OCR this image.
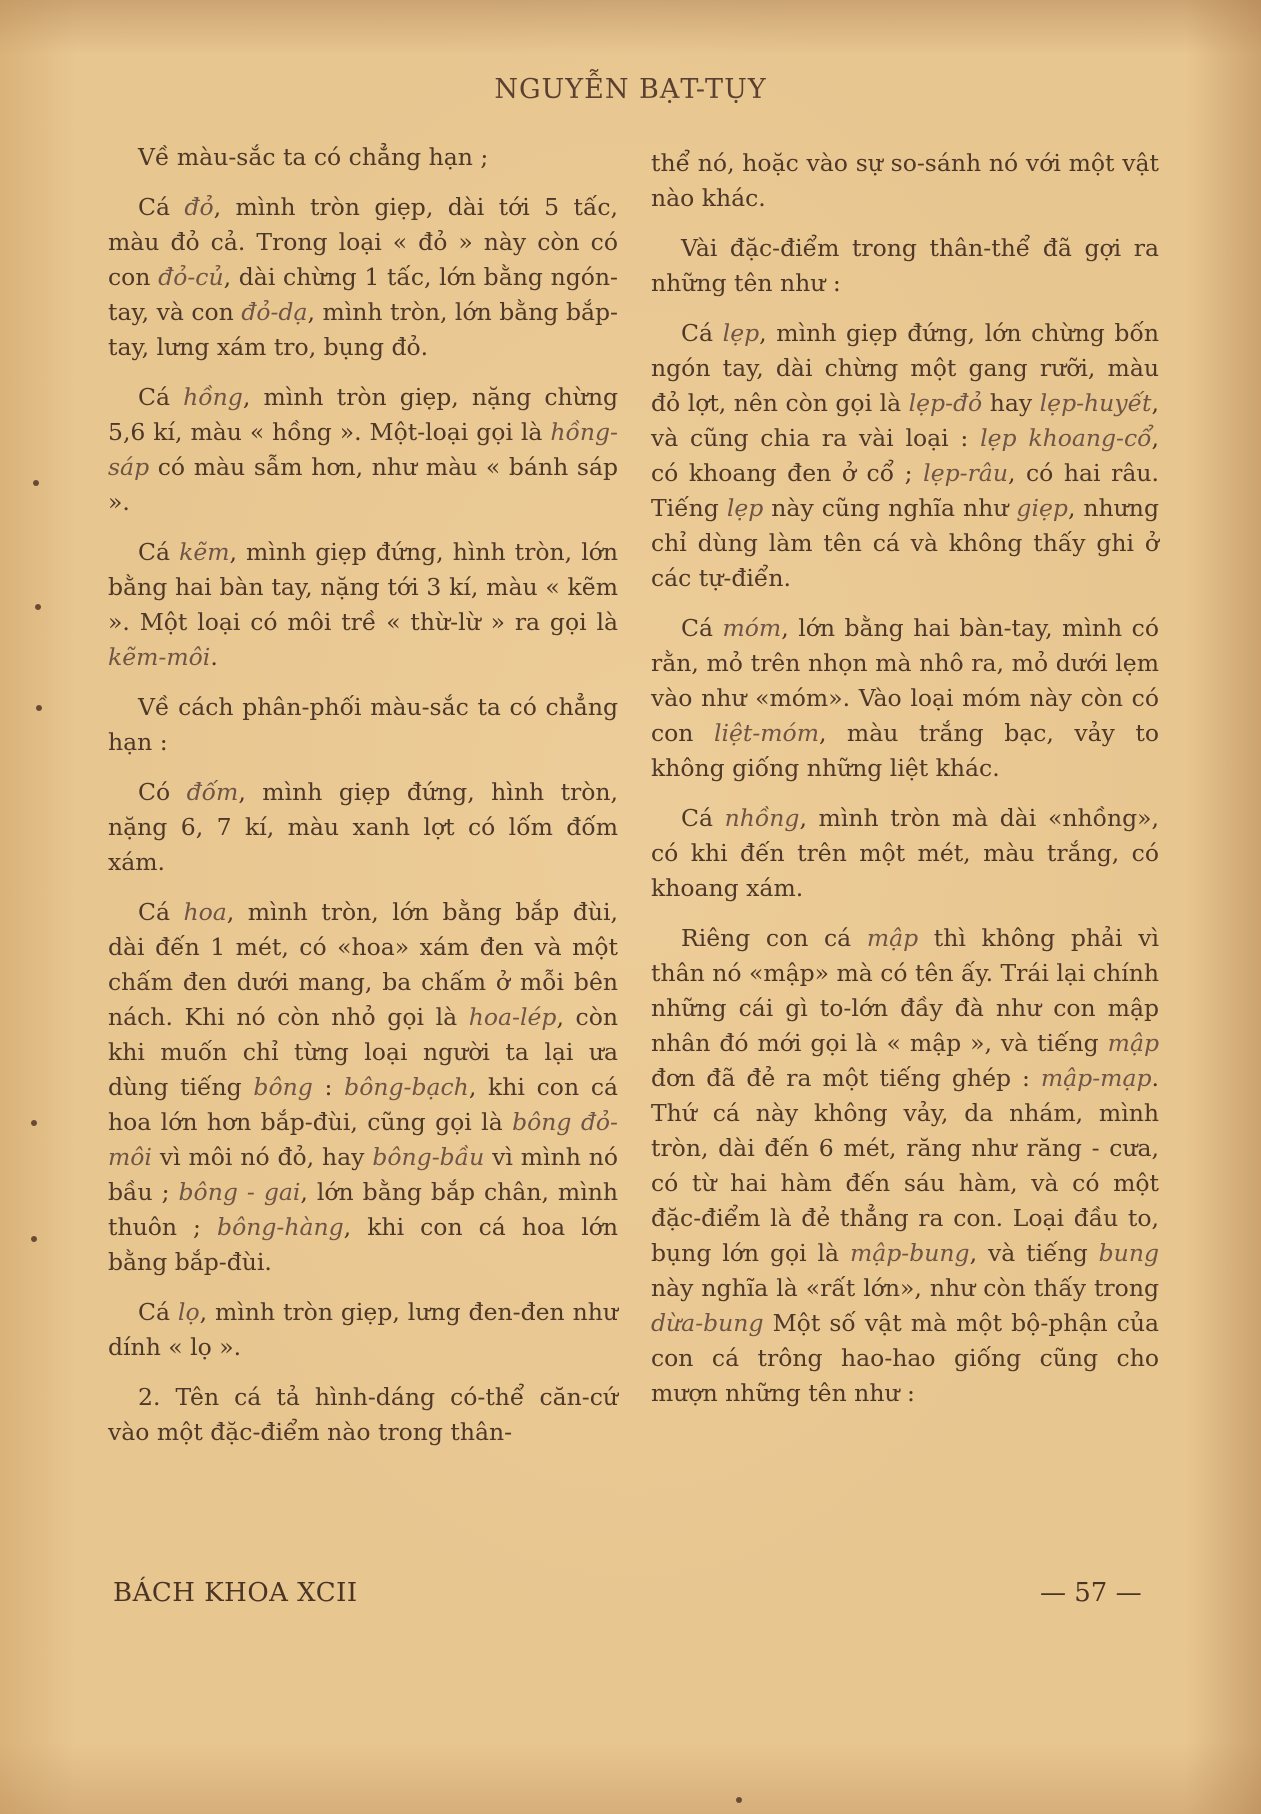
NGUYỄN BẠT-TỤY

Về màu-sắc ta có chẳng hạn ;

Cá đỏ, mình tròn giẹp, dài tới 5 tấc, màu đỏ cả. Trong loại « đỏ » này còn có con đỏ-củ, dài chừng 1 tấc, lớn bằng ngón-tay, và con đỏ-dạ, mình tròn, lớn bằng bắp-tay, lưng xám tro, bụng đỏ.

Cá hồng, mình tròn giẹp, nặng chừng 5,6 kí, màu « hồng ». Một-loại gọi là hồng-sáp có màu sẫm hơn, như màu « bánh sáp ».

Cá kẽm, mình giẹp đứng, hình tròn, lớn bằng hai bàn tay, nặng tới 3 kí, màu « kẽm ». Một loại có môi trề « thừ-lừ » ra gọi là kẽm-môi.

Về cách phân-phối màu-sắc ta có chẳng hạn :

Có đốm, mình giẹp đứng, hình tròn, nặng 6, 7 kí, màu xanh lợt có lốm đốm xám.

Cá hoa, mình tròn, lớn bằng bắp đùi, dài đến 1 mét, có «hoa» xám đen và một chấm đen dưới mang, ba chấm ở mỗi bên nách. Khi nó còn nhỏ gọi là hoa-lép, còn khi muốn chỉ từng loại người ta lại ưa dùng tiếng bông : bông-bạch, khi con cá hoa lớn hơn bắp-đùi, cũng gọi là bông đỏ-môi vì môi nó đỏ, hay bông-bầu vì mình nó bầu ; bông - gai, lớn bằng bắp chân, mình thuôn ; bông-hàng, khi con cá hoa lớn bằng bắp-đùi.

Cá lọ, mình tròn giẹp, lưng đen-đen như dính « lọ ».

2. Tên cá tả hình-dáng có-thể căn-cứ vào một đặc-điểm nào trong thân-

thể nó, hoặc vào sự so-sánh nó với một vật nào khác.

Vài đặc-điểm trong thân-thể đã gợi ra những tên như :

Cá lẹp, mình giẹp đứng, lớn chừng bốn ngón tay, dài chừng một gang rưỡi, màu đỏ lợt, nên còn gọi là lẹp-đỏ hay lẹp-huyết, và cũng chia ra vài loại : lẹp khoang-cổ, có khoang đen ở cổ ; lẹp-râu, có hai râu. Tiếng lẹp này cũng nghĩa như giẹp, nhưng chỉ dùng làm tên cá và không thấy ghi ở các tự-điển.

Cá móm, lớn bằng hai bàn-tay, mình có rằn, mỏ trên nhọn mà nhô ra, mỏ dưới lẹm vào như «móm». Vào loại móm này còn có con liệt-móm, màu trắng bạc, vảy to không giống những liệt khác.

Cá nhồng, mình tròn mà dài «nhồng», có khi đến trên một mét, màu trắng, có khoang xám.

Riêng con cá mập thì không phải vì thân nó «mập» mà có tên ấy. Trái lại chính những cái gì to-lớn đầy đà như con mập nhân đó mới gọi là « mập », và tiếng mập đơn đã đẻ ra một tiếng ghép : mập-mạp. Thứ cá này không vảy, da nhám, mình tròn, dài đến 6 mét, răng như răng - cưa, có từ hai hàm đến sáu hàm, và có một đặc-điểm là đẻ thẳng ra con. Loại đầu to, bụng lớn gọi là mập-bung, và tiếng bung này nghĩa là «rất lớn», như còn thấy trong dừa-bung Một số vật mà một bộ-phận của con cá trông hao-hao giống cũng cho mượn những tên như :

BÁCH KHOA XCII	— 57 —
